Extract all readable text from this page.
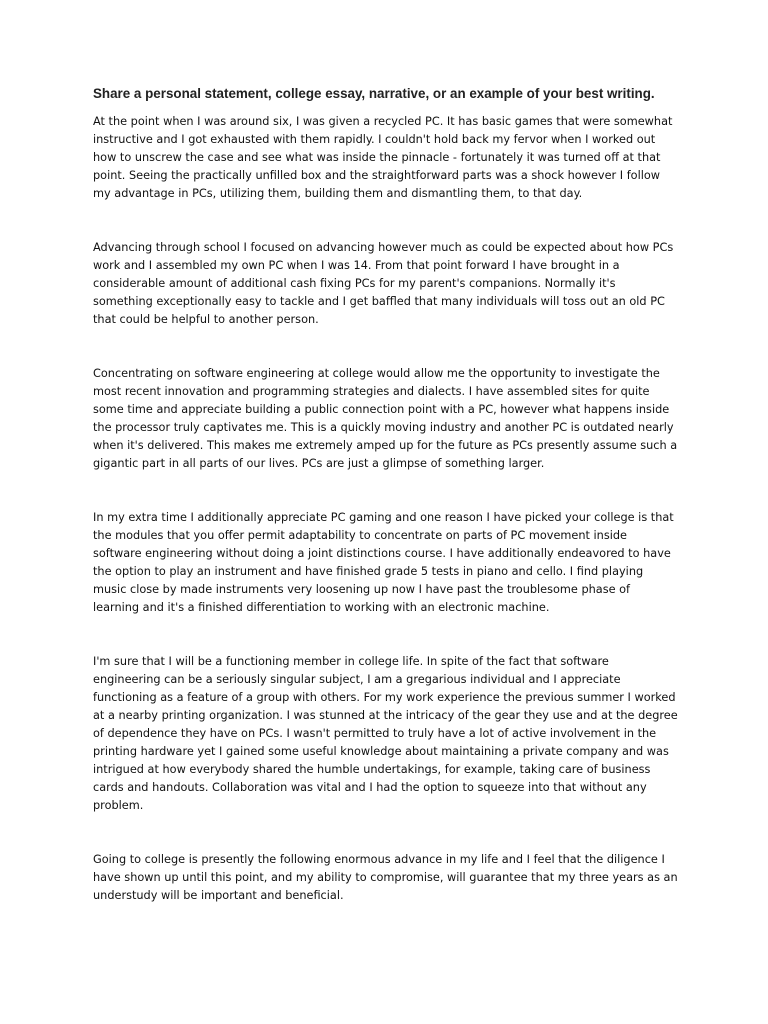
Share a personal statement, college essay, narrative, or an example of your best writing.

At the point when I was around six, I was given a recycled PC. It has basic games that were somewhat instructive and I got exhausted with them rapidly. I couldn't hold back my fervor when I worked out how to unscrew the case and see what was inside the pinnacle - fortunately it was turned off at that point. Seeing the practically unfilled box and the straightforward parts was a shock however I follow my advantage in PCs, utilizing them, building them and dismantling them, to that day.

Advancing through school I focused on advancing however much as could be expected about how PCs work and I assembled my own PC when I was 14. From that point forward I have brought in a considerable amount of additional cash fixing PCs for my parent's companions. Normally it's something exceptionally easy to tackle and I get baffled that many individuals will toss out an old PC that could be helpful to another person.

Concentrating on software engineering at college would allow me the opportunity to investigate the most recent innovation and programming strategies and dialects. I have assembled sites for quite some time and appreciate building a public connection point with a PC, however what happens inside the processor truly captivates me. This is a quickly moving industry and another PC is outdated nearly when it's delivered. This makes me extremely amped up for the future as PCs presently assume such a gigantic part in all parts of our lives. PCs are just a glimpse of something larger.

In my extra time I additionally appreciate PC gaming and one reason I have picked your college is that the modules that you offer permit adaptability to concentrate on parts of PC movement inside software engineering without doing a joint distinctions course. I have additionally endeavored to have the option to play an instrument and have finished grade 5 tests in piano and cello. I find playing music close by made instruments very loosening up now I have past the troublesome phase of learning and it's a finished differentiation to working with an electronic machine.

I'm sure that I will be a functioning member in college life. In spite of the fact that software engineering can be a seriously singular subject, I am a gregarious individual and I appreciate functioning as a feature of a group with others. For my work experience the previous summer I worked at a nearby printing organization. I was stunned at the intricacy of the gear they use and at the degree of dependence they have on PCs. I wasn't permitted to truly have a lot of active involvement in the printing hardware yet I gained some useful knowledge about maintaining a private company and was intrigued at how everybody shared the humble undertakings, for example, taking care of business cards and handouts. Collaboration was vital and I had the option to squeeze into that without any problem.

Going to college is presently the following enormous advance in my life and I feel that the diligence I have shown up until this point, and my ability to compromise, will guarantee that my three years as an understudy will be important and beneficial.
